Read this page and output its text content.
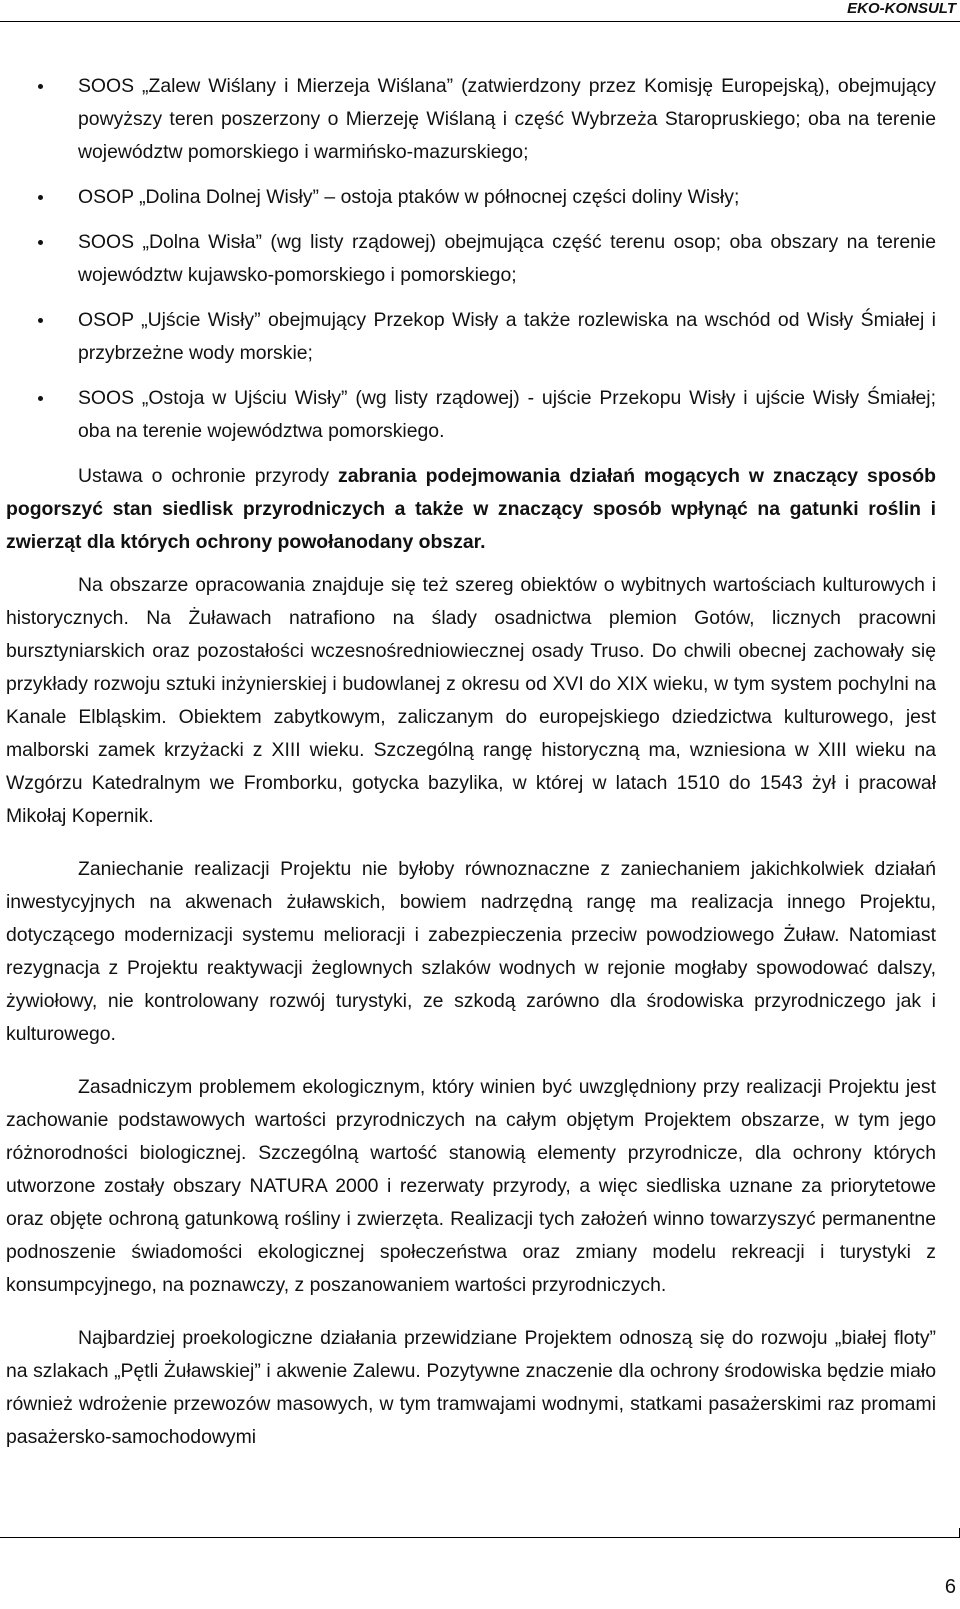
EKO-KONSULT
SOOS „Zalew Wiślany i Mierzeja Wiślana” (zatwierdzony przez Komisję Europejską), obejmujący powyższy teren poszerzony o Mierzeję Wiślaną i część Wybrzeża Staropruskiego; oba na terenie województw pomorskiego i warmińsko-mazurskiego;
OSOP „Dolina Dolnej Wisły” – ostoja ptaków w północnej części doliny Wisły;
SOOS „Dolna Wisła” (wg listy rządowej) obejmująca część terenu osop; oba obszary na terenie województw kujawsko-pomorskiego i pomorskiego;
OSOP „Ujście Wisły” obejmujący Przekop Wisły a także rozlewiska na wschód od Wisły Śmiałej i przybrzeżne wody morskie;
SOOS „Ostoja w Ujściu Wisły” (wg listy rządowej) - ujście Przekopu Wisły i ujście Wisły Śmiałej; oba na terenie województwa pomorskiego.

Ustawa o ochronie przyrody zabrania podejmowania działań mogących w znaczący sposób pogorszyć stan siedlisk przyrodniczych a także w znaczący sposób wpłynąć na gatunki roślin i zwierząt dla których ochrony powołanodany obszar.

Na obszarze opracowania znajduje się też szereg obiektów o wybitnych wartościach kulturowych i historycznych. Na Żuławach natrafiono na ślady osadnictwa plemion Gotów, licznych pracowni bursztyniarskich oraz pozostałości wczesnośredniowiecznej osady Truso. Do chwili obecnej zachowały się przykłady rozwoju sztuki inżynierskiej i budowlanej z okresu od XVI do XIX wieku, w tym system pochylni na Kanale Elbląskim. Obiektem zabytkowym, zaliczanym do europejskiego dziedzictwa kulturowego, jest malborski zamek krzyżacki z XIII wieku. Szczególną rangę historyczną ma, wzniesiona w XIII wieku na Wzgórzu Katedralnym we Fromborku, gotycka bazylika, w której w latach 1510 do 1543 żył i pracował Mikołaj Kopernik.

Zaniechanie realizacji Projektu nie byłoby równoznaczne z zaniechaniem jakichkolwiek działań inwestycyjnych na akwenach żuławskich, bowiem nadrzędną rangę ma realizacja innego Projektu, dotyczącego modernizacji systemu melioracji i zabezpieczenia przeciw powodziowego Żuław. Natomiast rezygnacja z Projektu reaktywacji żeglownych szlaków wodnych w rejonie mogłaby spowodować dalszy, żywiołowy, nie kontrolowany rozwój turystyki, ze szkodą zarówno dla środowiska przyrodniczego jak i kulturowego.

Zasadniczym problemem ekologicznym, który winien być uwzględniony przy realizacji Projektu jest zachowanie podstawowych wartości przyrodniczych na całym objętym Projektem obszarze, w tym jego różnorodności biologicznej. Szczególną wartość stanowią elementy przyrodnicze, dla ochrony których utworzone zostały obszary NATURA 2000 i rezerwaty przyrody, a więc siedliska uznane za priorytetowe oraz objęte ochroną gatunkową rośliny i zwierzęta. Realizacji tych założeń winno towarzyszyć permanentne podnoszenie świadomości ekologicznej społeczeństwa oraz zmiany modelu rekreacji i turystyki z konsumpcyjnego, na poznawczy, z poszanowaniem wartości przyrodniczych.

Najbardziej proekologiczne działania przewidziane Projektem odnoszą się do rozwoju „białej floty” na szlakach „Pętli Żuławskiej” i akwenie Zalewu. Pozytywne znaczenie dla ochrony środowiska będzie miało również wdrożenie przewozów masowych, w tym tramwajami wodnymi, statkami pasażerskimi raz promami pasażersko-samochodowymi

6
